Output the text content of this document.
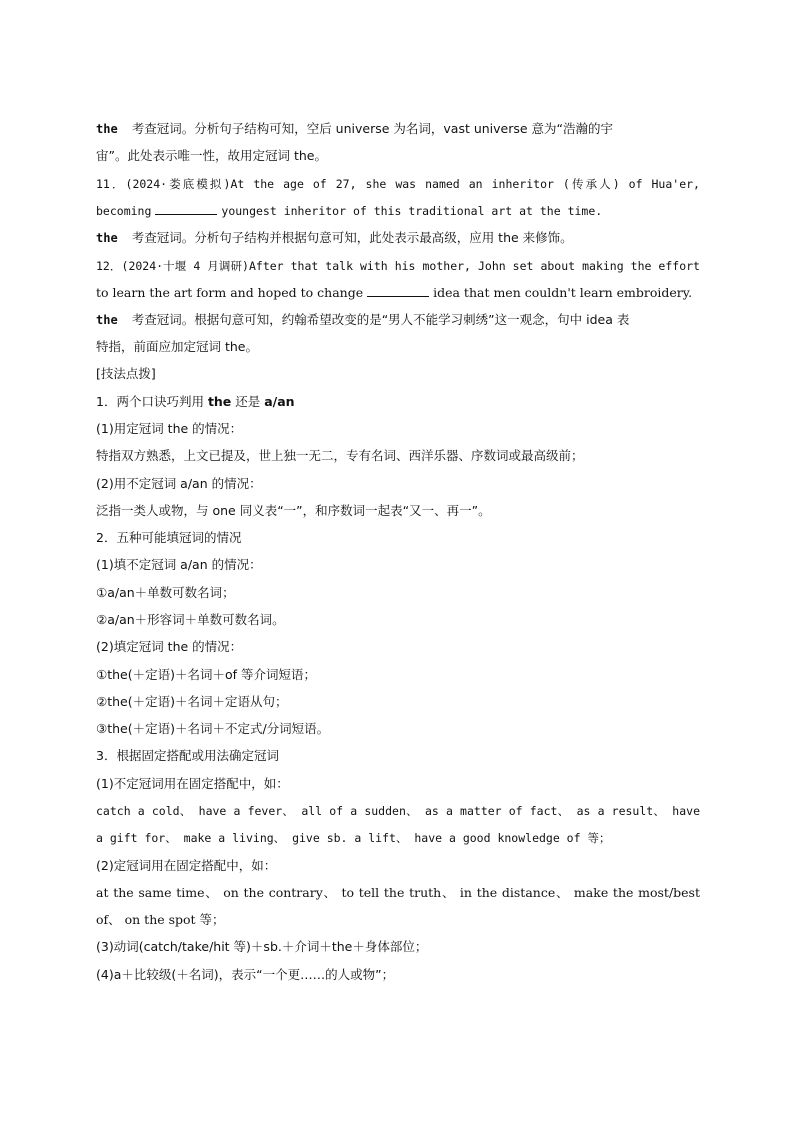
the 考查冠词。分析句子结构可知，空后 universe 为名词，vast universe 意为“浩瀚的宇
宙”。此处表示唯一性，故用定冠词 the。
11．(2024·娄底模拟)At the age of 27, she was named an inheritor (传承人) of Hua'er,
becoming	youngest inheritor of this traditional art at the time.
the 考查冠词。分析句子结构并根据句意可知，此处表示最高级，应用 the 来修饰。
12．(2024·十堰 4 月调研)After that talk with his mother, John set about making the effort
to learn the art form and hoped to change	idea that men couldn't learn embroidery.
the 考查冠词。根据句意可知，约翰希望改变的是“男人不能学习刺绣”这一观念，句中 idea 表
特指，前面应加定冠词 the。
[技法点拨]
1．两个口诀巧判用 the 还是 a/an
(1)用定冠词 the 的情况：
特指双方熟悉，上文已提及，世上独一无二，专有名词、西洋乐器、序数词或最高级前；
(2)用不定冠词 a/an 的情况：
泛指一类人或物，与 one 同义表“一”，和序数词一起表“又一、再一”。
2．五种可能填冠词的情况
(1)填不定冠词 a/an 的情况：
①a/an＋单数可数名词；
②a/an＋形容词＋单数可数名词。
(2)填定冠词 the 的情况：
①the(＋定语)＋名词＋of 等介词短语；
②the(＋定语)＋名词＋定语从句；
③the(＋定语)＋名词＋不定式/分词短语。
3．根据固定搭配或用法确定冠词
(1)不定冠词用在固定搭配中，如：
catch a cold、 have a fever、 all of a sudden、 as a matter of fact、 as a result、 have
a gift for、 make a living、 give sb. a lift、 have a good knowledge of 等；
(2)定冠词用在固定搭配中，如：
at the same time、 on the contrary、 to tell the truth、 in the distance、 make the most/best
of、 on the spot 等；
(3)动词(catch/take/hit 等)＋sb.＋介词＋the＋身体部位；
(4)a＋比较级(＋名词)，表示“一个更……的人或物”；
